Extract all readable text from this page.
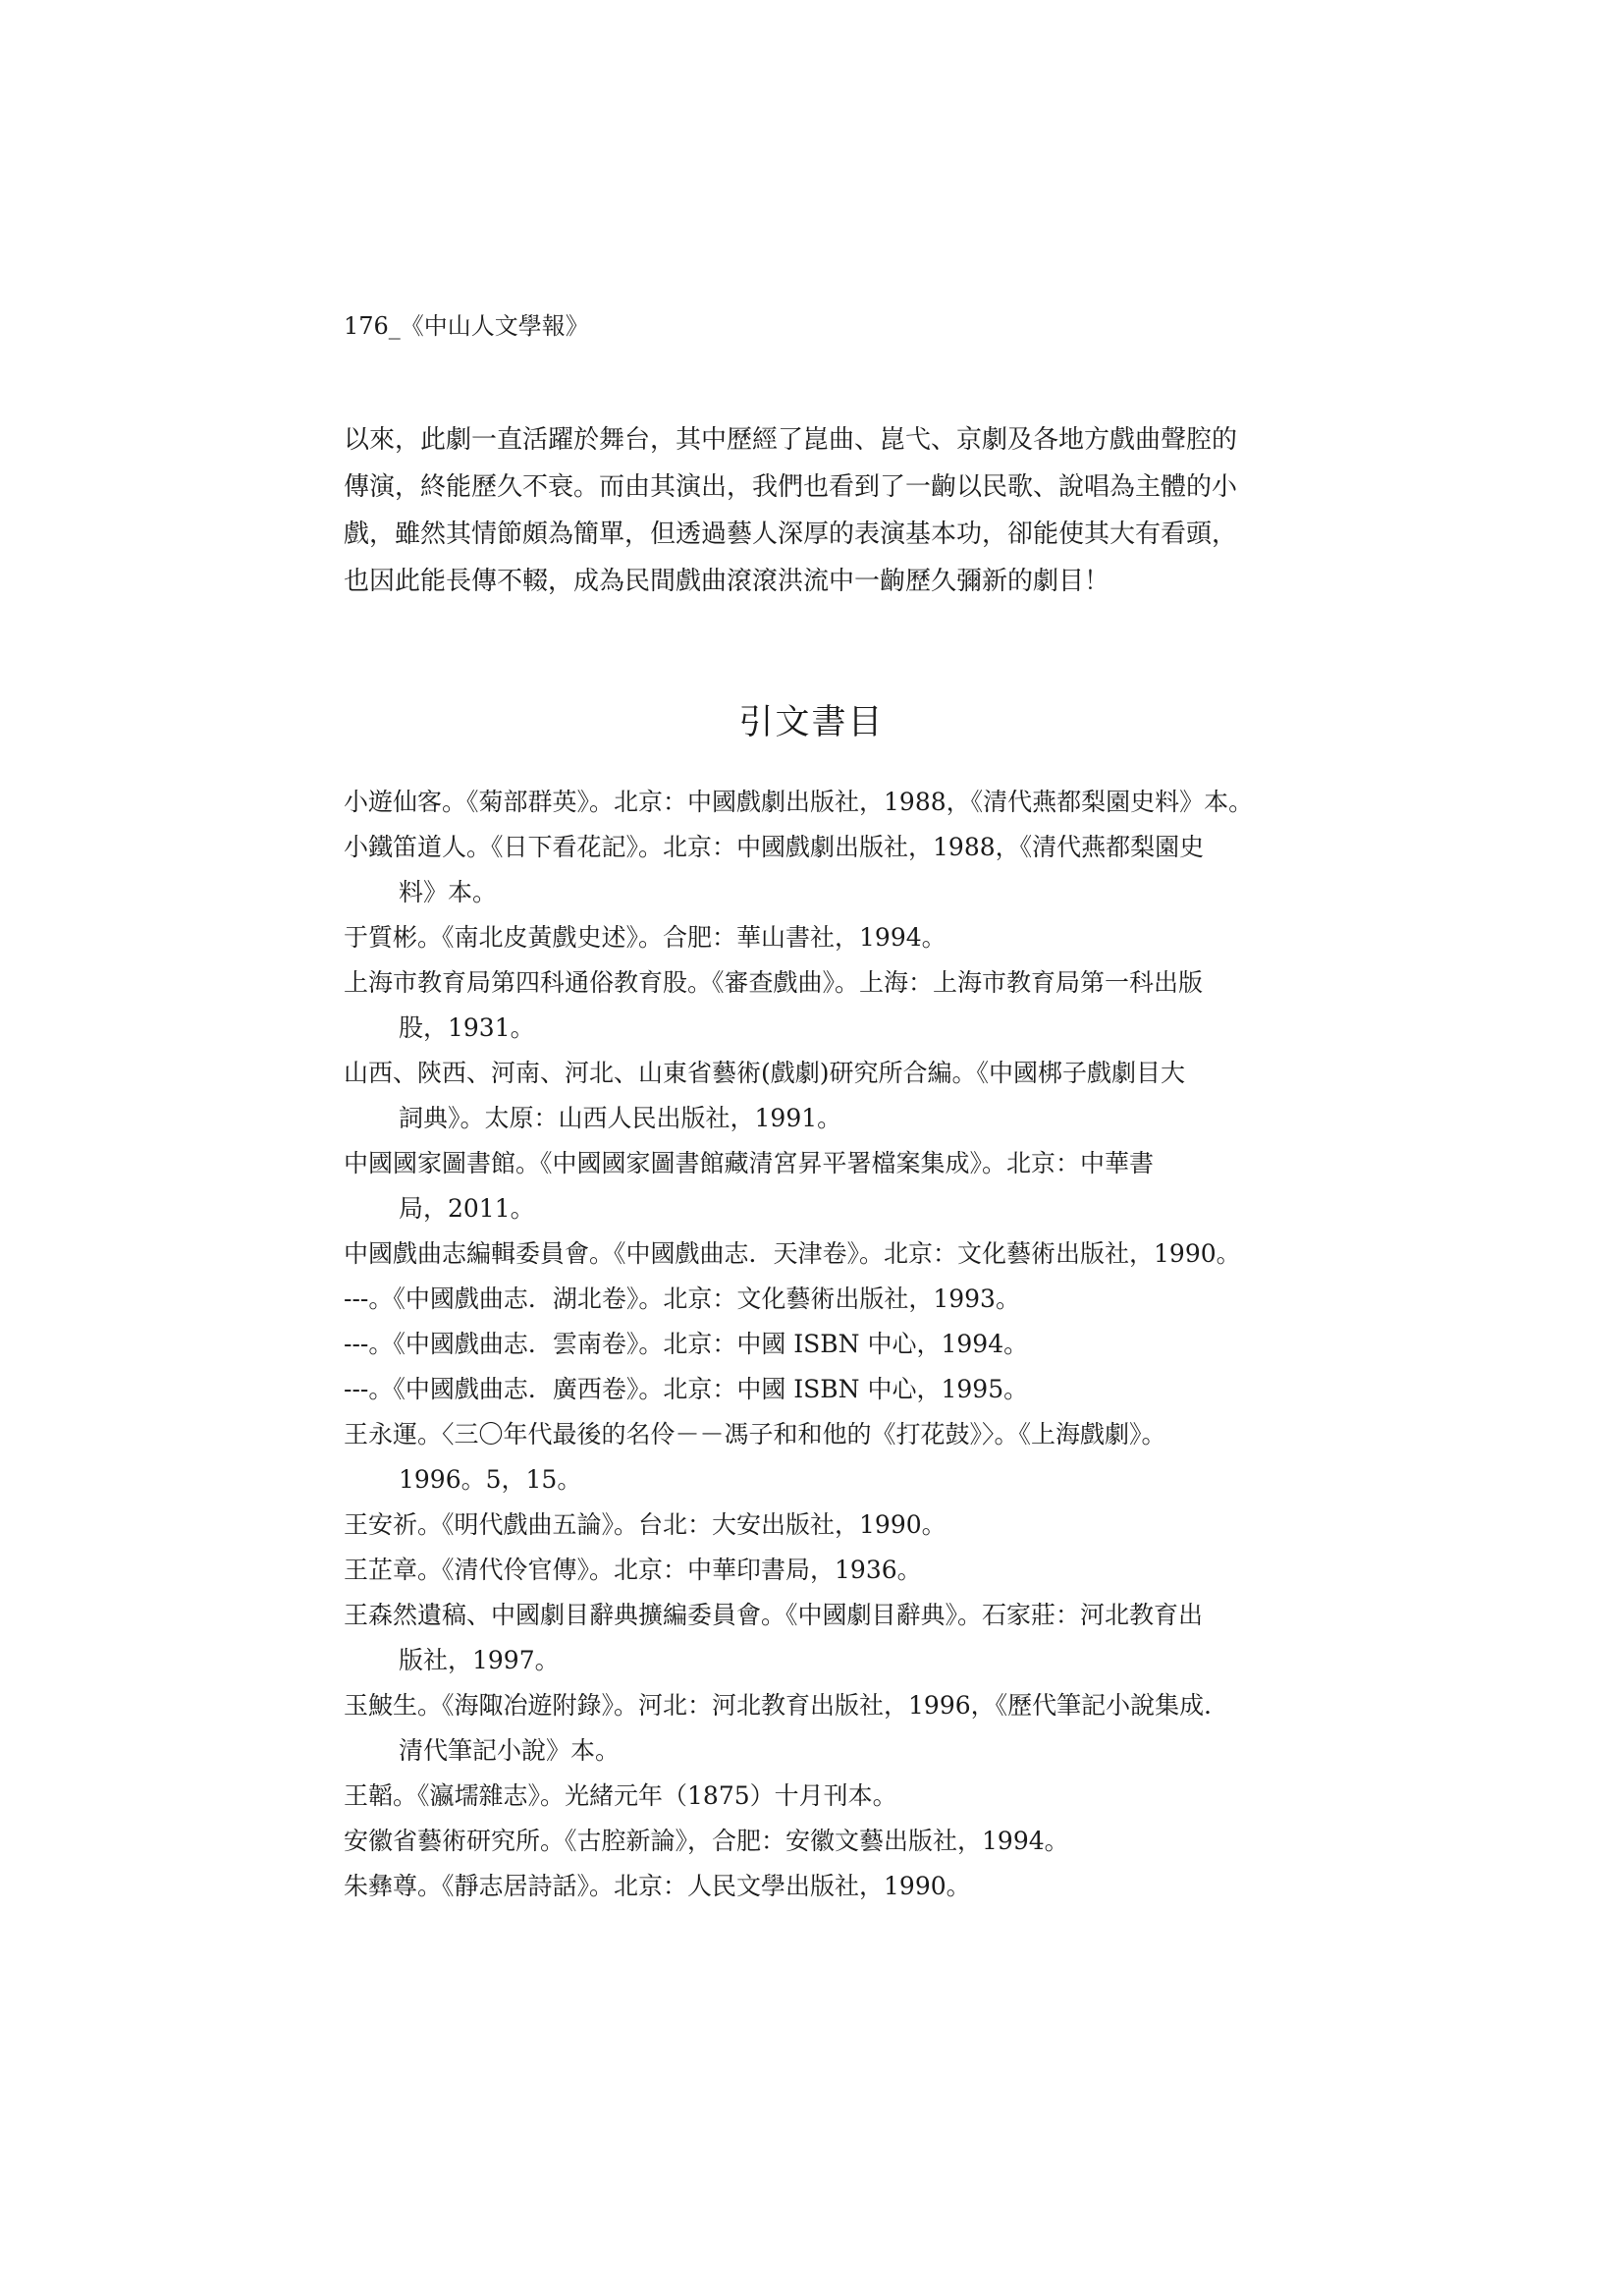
176_《中山人文學報》
以來，此劇一直活躍於舞台，其中歷經了崑曲、崑弋、京劇及各地方戲曲聲腔的
傳演，終能歷久不衰。而由其演出，我們也看到了一齣以民歌、說唱為主體的小
戲，雖然其情節頗為簡單，但透過藝人深厚的表演基本功，卻能使其大有看頭，
也因此能長傳不輟，成為民間戲曲滾滾洪流中一齣歷久彌新的劇目！
引文書目
小遊仙客。《菊部群英》。北京：中國戲劇出版社，1988，《清代燕都梨園史料》本。
小鐵笛道人。《日下看花記》。北京：中國戲劇出版社，1988，《清代燕都梨園史
料》本。
于質彬。《南北皮黃戲史述》。合肥：華山書社，1994。
上海市教育局第四科通俗教育股。《審查戲曲》。上海：上海市教育局第一科出版
股，1931。
山西、陝西、河南、河北、山東省藝術(戲劇)研究所合編。《中國梆子戲劇目大
詞典》。太原：山西人民出版社，1991。
中國國家圖書館。《中國國家圖書館藏清宮昇平署檔案集成》。北京：中華書
局，2011。
中國戲曲志編輯委員會。《中國戲曲志．天津卷》。北京：文化藝術出版社，1990。
---。《中國戲曲志．湖北卷》。北京：文化藝術出版社，1993。
---。《中國戲曲志．雲南卷》。北京：中國 ISBN 中心，1994。
---。《中國戲曲志．廣西卷》。北京：中國 ISBN 中心，1995。
王永運。〈三〇年代最後的名伶－－馮子和和他的《打花鼓》〉。《上海戲劇》。
1996。5，15。
王安祈。《明代戲曲五論》。台北：大安出版社，1990。
王芷章。《清代伶官傳》。北京：中華印書局，1936。
王森然遺稿、中國劇目辭典擴編委員會。《中國劇目辭典》。石家莊：河北教育出
版社，1997。
玉鮍生。《海陬冶遊附錄》。河北：河北教育出版社，1996，《歷代筆記小說集成．
清代筆記小說》本。
王韜。《瀛壖雜志》。光緒元年（1875）十月刊本。
安徽省藝術研究所。《古腔新論》，合肥：安徽文藝出版社，1994。
朱彝尊。《靜志居詩話》。北京：人民文學出版社，1990。
